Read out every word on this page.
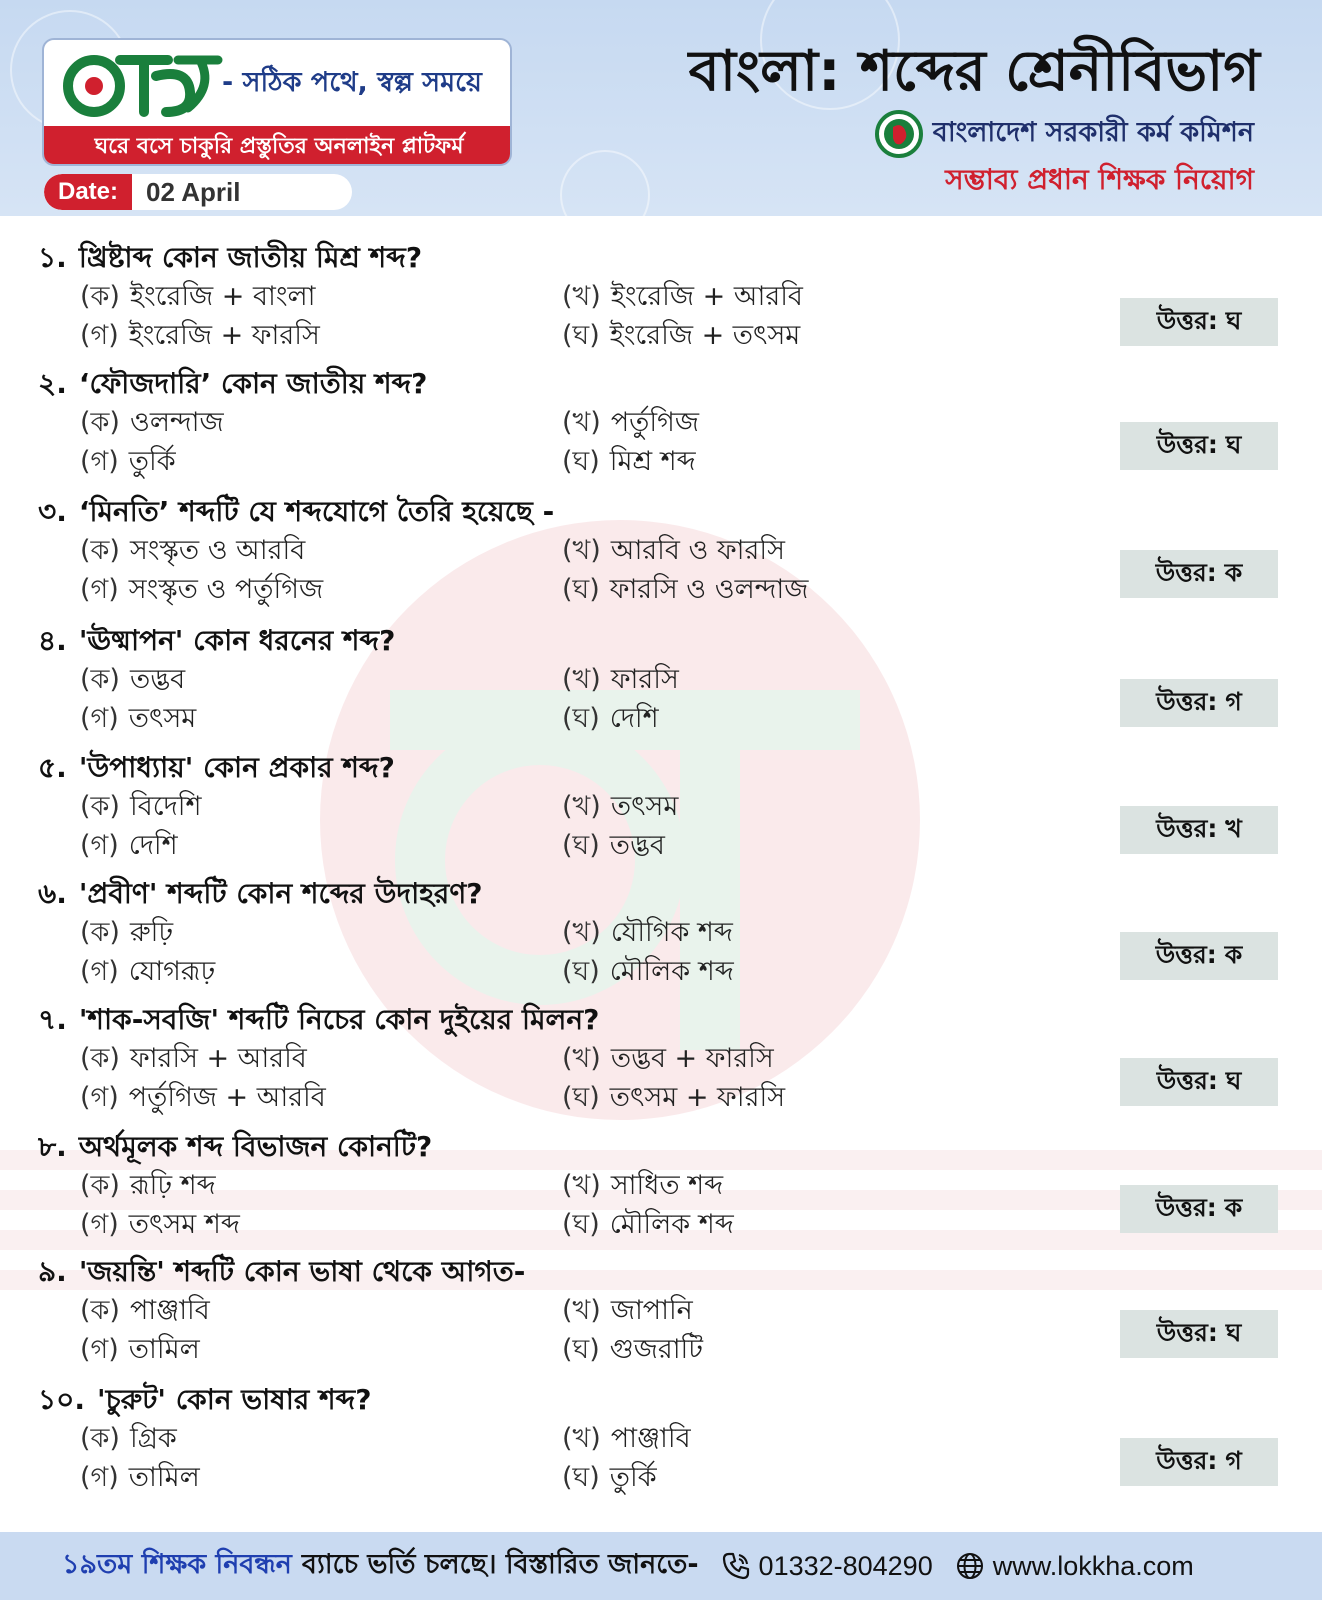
- সঠিক পথে, স্বল্প সময়ে
ঘরে বসে চাকুরি প্রস্তুতির অনলাইন প্লাটফর্ম
Date:	02 April
বাংলা: শব্দের শ্রেনীবিভাগ
বাংলাদেশ সরকারী কর্ম কমিশন
সম্ভাব্য প্রধান শিক্ষক নিয়োগ
১. খ্রিষ্টাব্দ কোন জাতীয় মিশ্র শব্দ?
(ক) ইংরেজি + বাংলা	(খ) ইংরেজি + আরবি
(গ) ইংরেজি + ফারসি	(ঘ) ইংরেজি + তৎসম	উত্তর: ঘ
২. ‘ফৌজদারি’ কোন জাতীয় শব্দ?
(ক) ওলন্দাজ	(খ) পর্তুগিজ
(গ) তুর্কি	(ঘ) মিশ্র শব্দ
উত্তর: ঘ
৩. ‘মিনতি’ শব্দটি যে শব্দযোগে তৈরি হয়েছে -
(ক) সংস্কৃত ও আরবি	(খ) আরবি ও ফারসি
(গ) সংস্কৃত ও পর্তুগিজ	(ঘ) ফারসি ও ওলন্দাজ
উত্তর: ক
৪. 'ঊষ্মাপন' কোন ধরনের শব্দ?
(ক) তদ্ভব	(খ) ফারসি
(গ) তৎসম	(ঘ) দেশি
উত্তর: গ
৫. 'উপাধ্যায়' কোন প্রকার শব্দ?
(ক) বিদেশি	(খ) তৎসম
(গ) দেশি	(ঘ) তদ্ভব
উত্তর: খ
৬. 'প্রবীণ' শব্দটি কোন শব্দের উদাহরণ?
(ক) রুঢ়ি	(খ) যৌগিক শব্দ
(গ) যোগরূঢ়	(ঘ) মৌলিক শব্দ
উত্তর: ক
৭. 'শাক-সবজি' শব্দটি নিচের কোন দুইয়ের মিলন?
(ক) ফারসি + আরবি	(খ) তদ্ভব + ফারসি
(গ) পর্তুগিজ + আরবি	(ঘ) তৎসম + ফারসি
উত্তর: ঘ
৮. অর্থমূলক শব্দ বিভাজন কোনটি?
(ক) রূঢ়ি শব্দ	(খ) সাধিত শব্দ
(গ) তৎসম শব্দ	(ঘ) মৌলিক শব্দ
উত্তর: ক
৯. 'জয়ন্তি' শব্দটি কোন ভাষা থেকে আগত-
(ক) পাঞ্জাবি	(খ) জাপানি
(গ) তামিল	(ঘ) গুজরাটি
উত্তর: ঘ
১০. 'চুরুট' কোন ভাষার শব্দ?
(ক) গ্রিক	(খ) পাঞ্জাবি
(গ) তামিল	(ঘ) তুর্কি
উত্তর: গ
১৯তম শিক্ষক নিবন্ধন ব্যাচে ভর্তি চলছে। বিস্তারিত জানতে- 01332-804290 www.lokkha.com
